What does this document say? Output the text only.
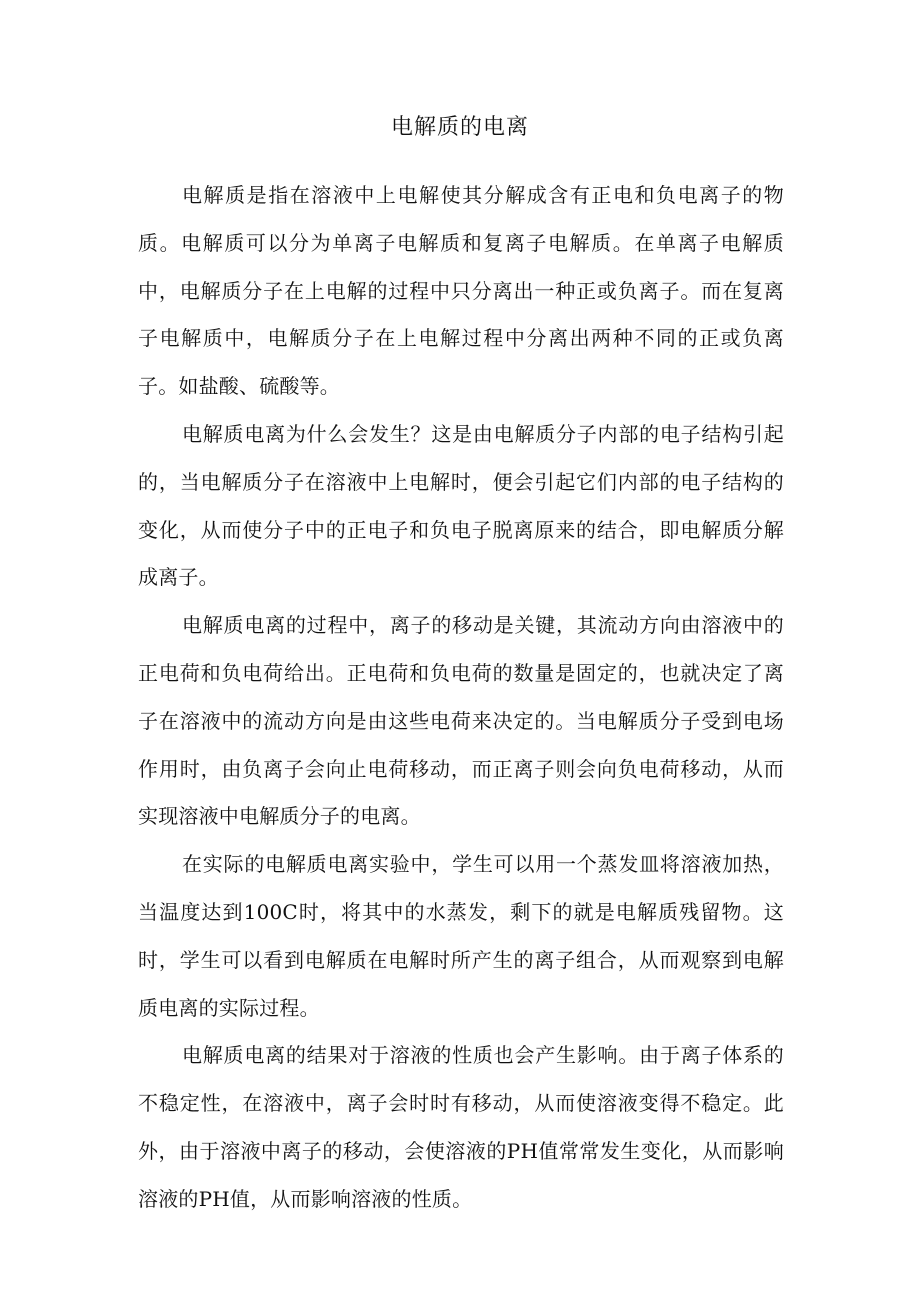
电解质的电离

电解质是指在溶液中上电解使其分解成含有正电和负电离子的物质。电解质可以分为单离子电解质和复离子电解质。在单离子电解质中，电解质分子在上电解的过程中只分离出一种正或负离子。而在复离子电解质中，电解质分子在上电解过程中分离出两种不同的正或负离子。如盐酸、硫酸等。

电解质电离为什么会发生？这是由电解质分子内部的电子结构引起的，当电解质分子在溶液中上电解时，便会引起它们内部的电子结构的变化，从而使分子中的正电子和负电子脱离原来的结合，即电解质分解成离子。

电解质电离的过程中，离子的移动是关键，其流动方向由溶液中的正电荷和负电荷给出。正电荷和负电荷的数量是固定的，也就决定了离子在溶液中的流动方向是由这些电荷来决定的。当电解质分子受到电场作用时，由负离子会向止电荷移动，而正离子则会向负电荷移动，从而实现溶液中电解质分子的电离。

在实际的电解质电离实验中，学生可以用一个蒸发皿将溶液加热，当温度达到100C时，将其中的水蒸发，剩下的就是电解质残留物。这时，学生可以看到电解质在电解时所产生的离子组合，从而观察到电解质电离的实际过程。

电解质电离的结果对于溶液的性质也会产生影响。由于离子体系的不稳定性，在溶液中，离子会时时有移动，从而使溶液变得不稳定。此外，由于溶液中离子的移动，会使溶液的PH值常常发生变化，从而影响溶液的PH值，从而影响溶液的性质。
